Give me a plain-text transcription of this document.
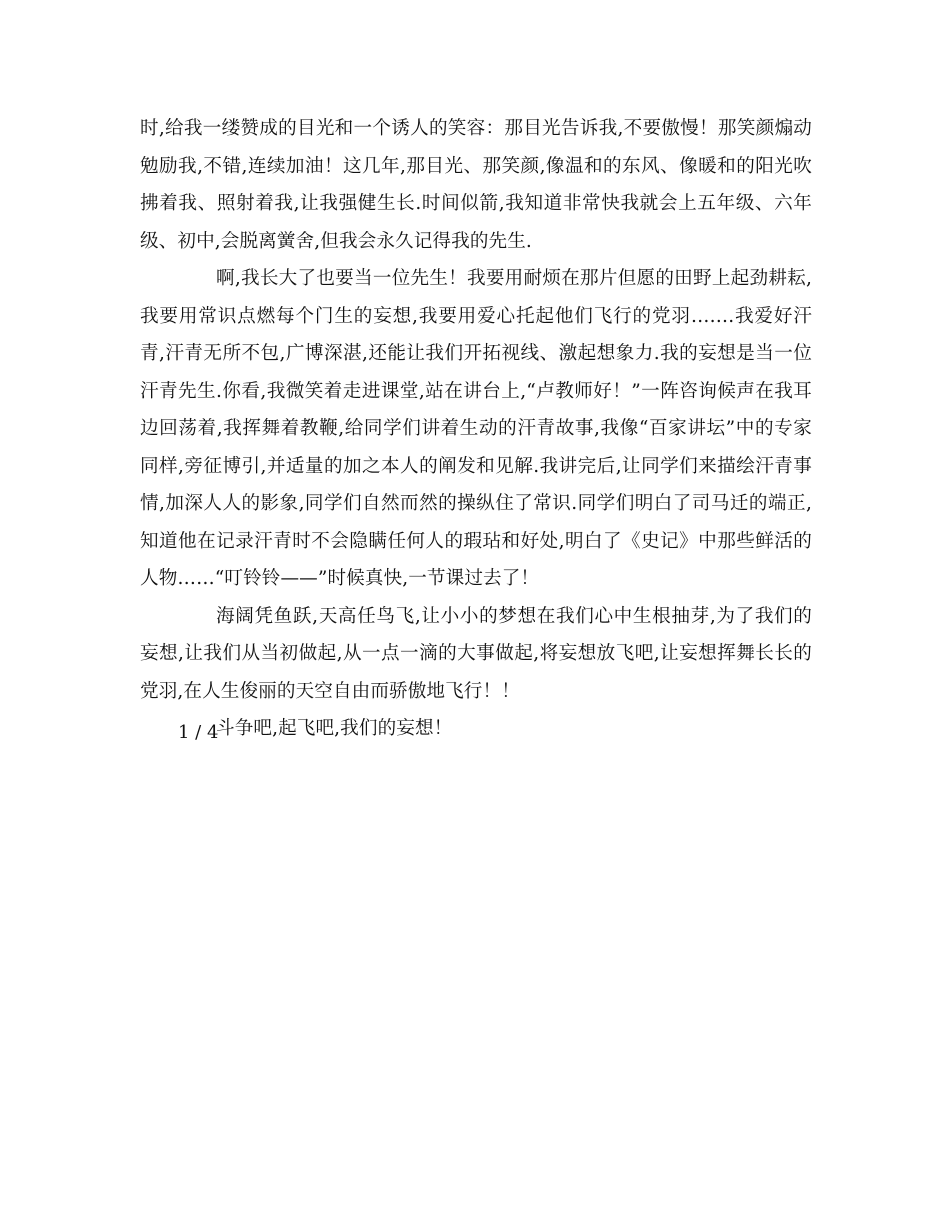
时,给我一缕赞成的目光和一个诱人的笑容：那目光告诉我,不要傲慢！那笑颜煽动勉励我,不错,连续加油！这几年,那目光、那笑颜,像温和的东风、像暖和的阳光吹拂着我、照射着我,让我强健生长.时间似箭,我知道非常快我就会上五年级、六年级、初中,会脱离黉舍,但我会永久记得我的先生.

啊,我长大了也要当一位先生！我要用耐烦在那片但愿的田野上起劲耕耘,我要用常识点燃每个门生的妄想,我要用爱心托起他们飞行的党羽…….我爱好汗青,汗青无所不包,广博深湛,还能让我们开拓视线、激起想象力.我的妄想是当一位汗青先生.你看,我微笑着走进课堂,站在讲台上,“卢教师好！”一阵咨询候声在我耳边回荡着,我挥舞着教鞭,给同学们讲着生动的汗青故事,我像“百家讲坛”中的专家同样,旁征博引,并适量的加之本人的阐发和见解.我讲完后,让同学们来描绘汗青事情,加深人人的影象,同学们自然而然的操纵住了常识.同学们明白了司马迁的端正,知道他在记录汗青时不会隐瞒任何人的瑕玷和好处,明白了《史记》中那些鲜活的人物……“叮铃铃——”时候真快,一节课过去了！

海阔凭鱼跃,天高任鸟飞,让小小的梦想在我们心中生根抽芽,为了我们的妄想,让我们从当初做起,从一点一滴的大事做起,将妄想放飞吧,让妄想挥舞长长的党羽,在人生俊丽的天空自由而骄傲地飞行！！

斗争吧,起飞吧,我们的妄想！

1 / 4
